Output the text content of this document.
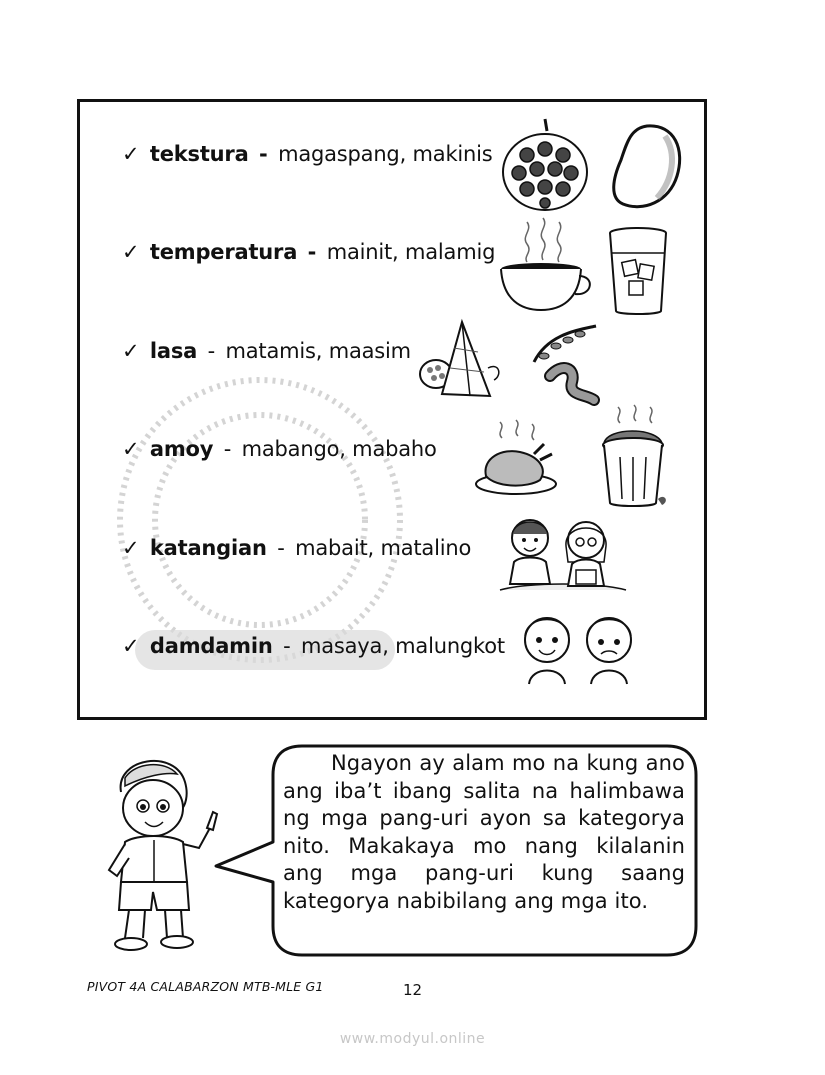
✓ tekstura - magaspang, makinis
✓ temperatura - mainit, malamig
✓ lasa - matamis, maasim
✓ amoy - mabango, mabaho
✓ katangian - mabait, matalino
✓ damdamin - masaya, malungkot
Ngayon ay alam mo na kung ano ang iba’t ibang salita na halimbawa ng mga pang-uri ayon sa kategorya nito. Makakaya mo nang kilalanin ang mga pang-uri kung saang kategorya nabibilang ang mga ito.
PIVOT 4A CALABARZON MTB-MLE G1	12
www.modyul.online
